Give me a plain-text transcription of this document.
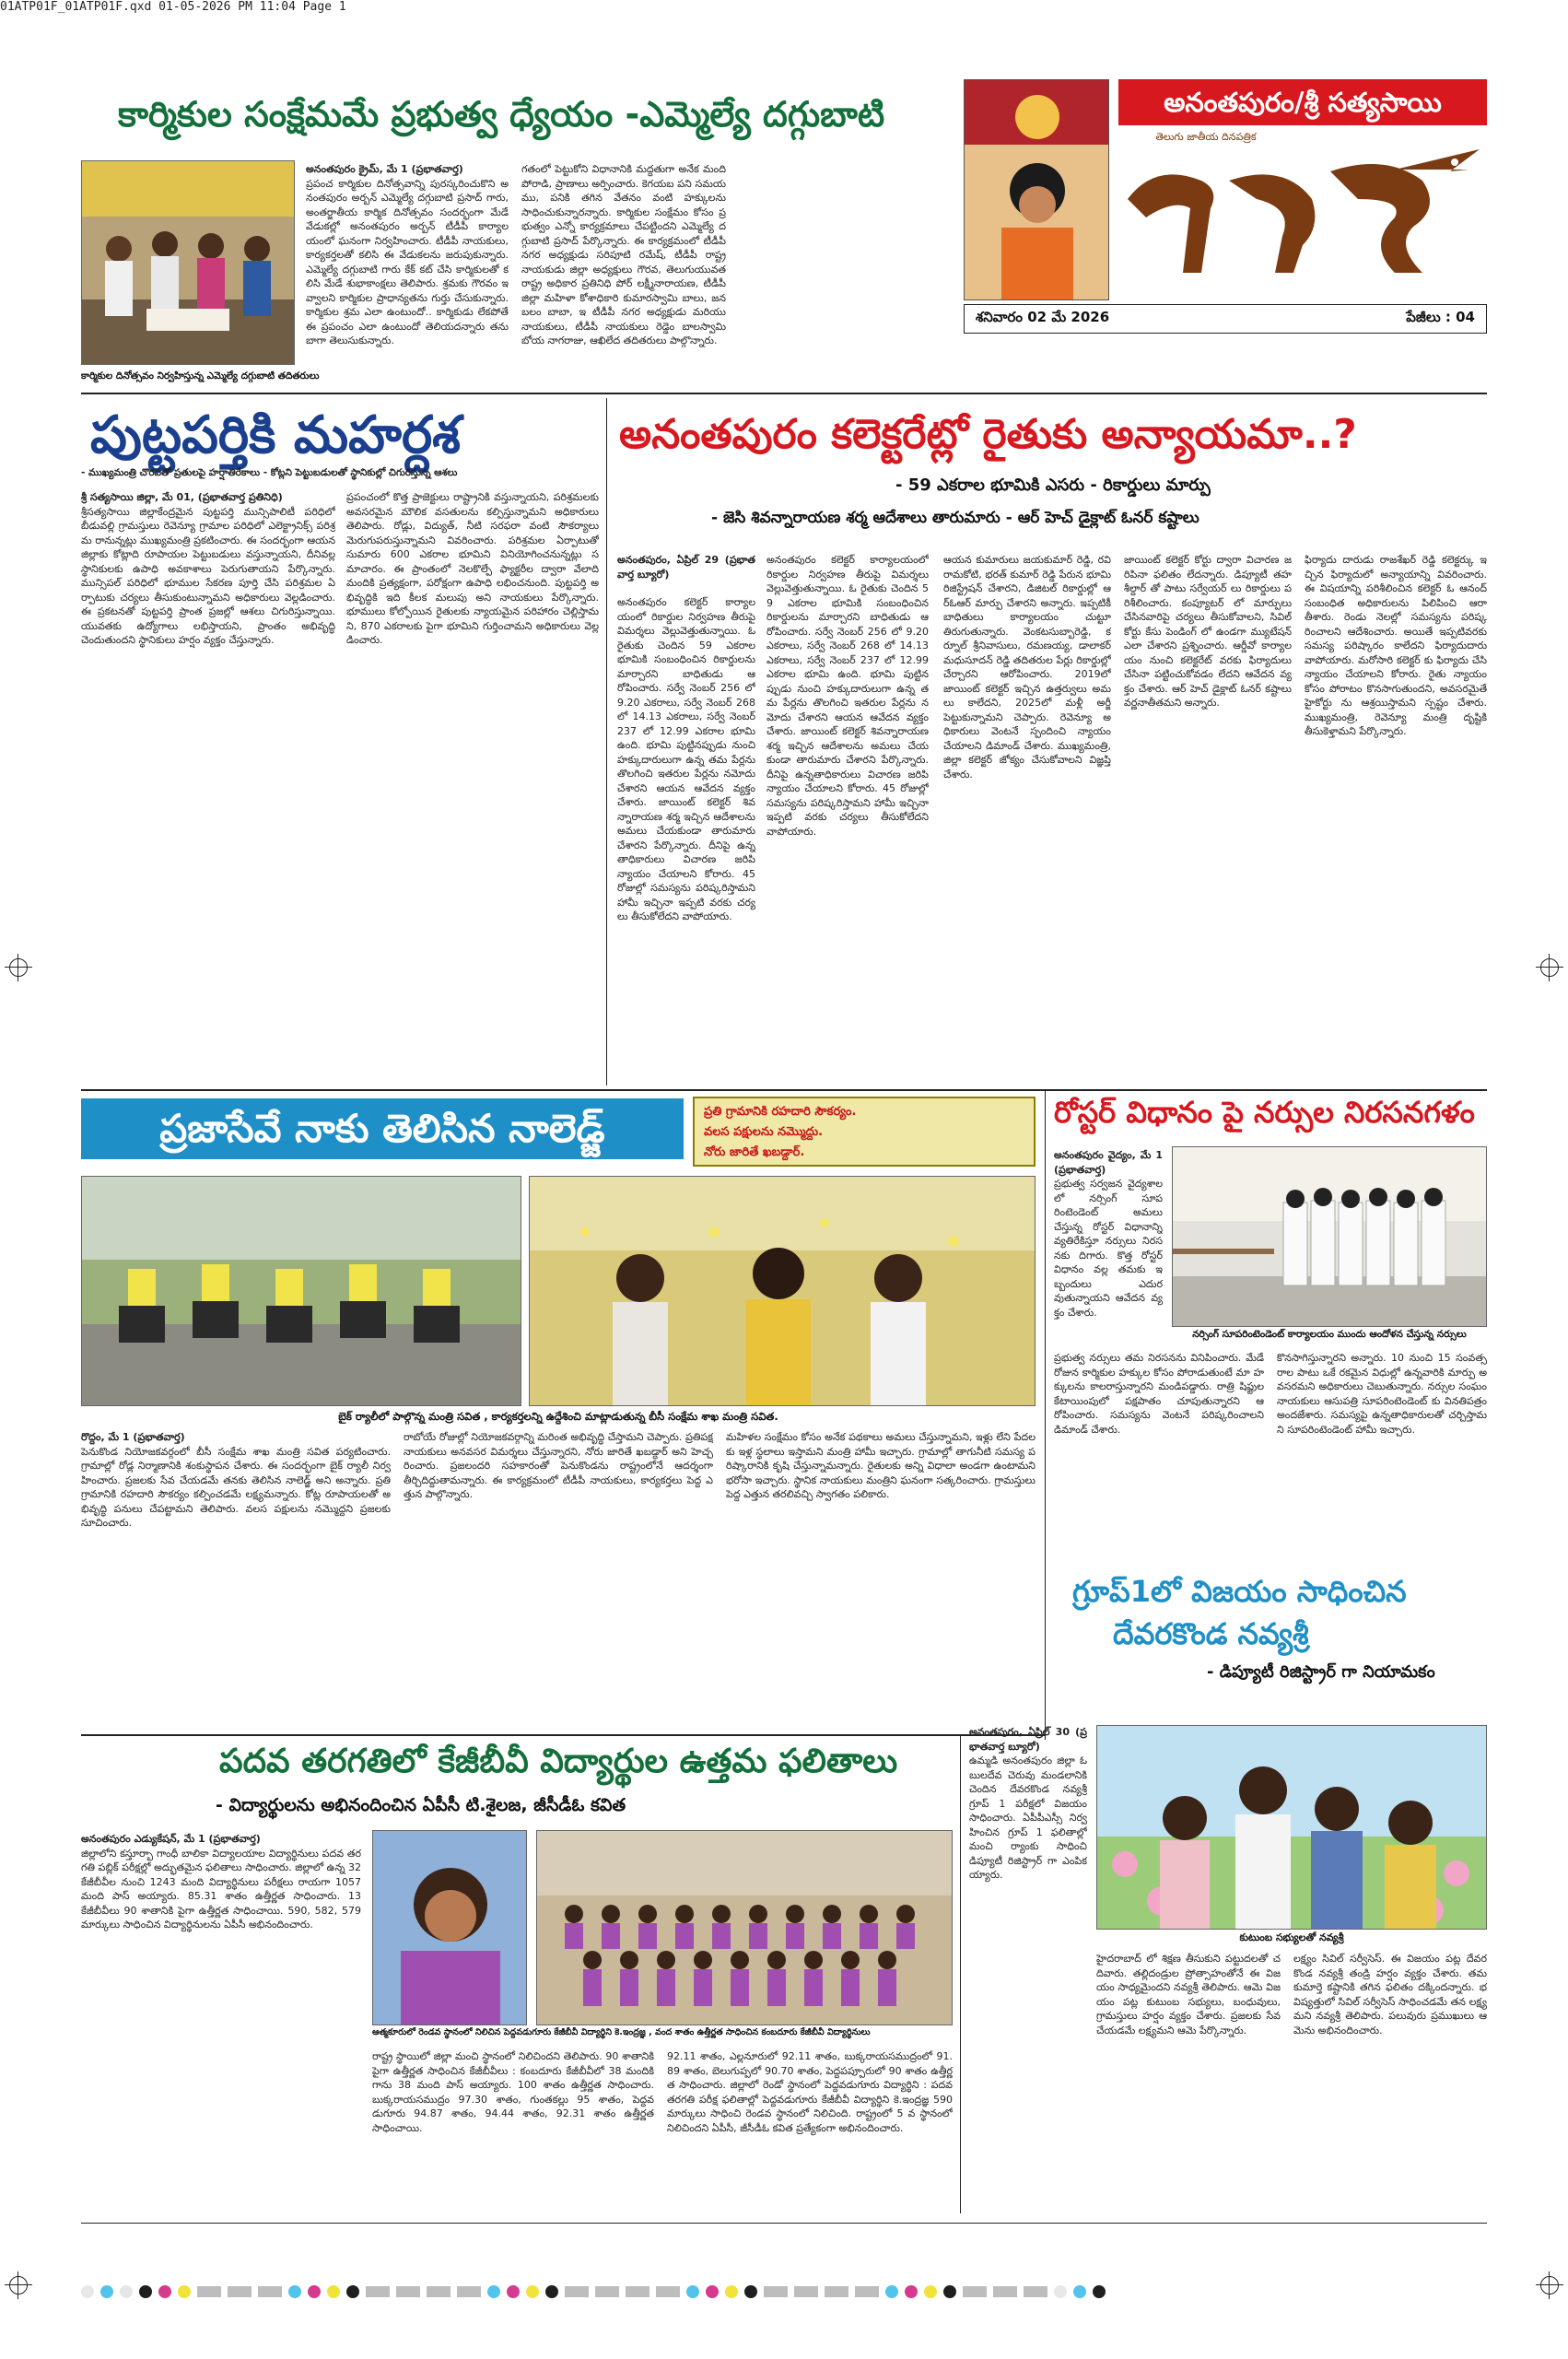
01ATP01F_01ATP01F.qxd 01-05-2026 PM 11:04 Page 1
కార్మికుల సంక్షేమమే ప్రభుత్వ ధ్యేయం -ఎమ్మెల్యే దగ్గుబాటి
కార్మికుల దినోత్సవం నిర్వహిస్తున్న ఎమ్మెల్యే దగ్గుబాటి తదితరులు
అనంతపురం క్రైమ్, మే 1 (ప్రభాతవార్త)
ప్రపంచ కార్మికుల దినోత్సవాన్ని పురస్కరించుకొని అనంతపురం అర్బన్ ఎమ్మెల్యే దగ్గుబాటి ప్రసాద్ గారు, అంతర్జాతీయ కార్మిక దినోత్సవం సందర్భంగా మేడే వేడుకల్లో అనంతపురం అర్బన్ టీడీపీ కార్యాలయంలో ఘనంగా నిర్వహించారు. టీడీపీ నాయకులు, కార్యకర్తలతో కలిసి ఈ వేడుకలను జరుపుకున్నారు. ఎమ్మెల్యే దగ్గుబాటి గారు కేక్ కట్ చేసి కార్మికులతో కలిసి మేడే శుభాకాంక్షలు తెలిపారు. శ్రమకు గౌరవం ఇవ్వాలని కార్మికుల ప్రాధాన్యతను గుర్తు చేసుకున్నారు. కార్మికుల శ్రమ ఎలా ఉంటుందో.. కార్మికుడు లేకపోతే ఈ ప్రపంచం ఎలా ఉంటుందో తెలియదన్నారు తను బాగా తెలుసుకున్నారు.
గతంలో పెట్టుకోని విధానానికి మద్దతుగా అనేక మంది పోరాడి, ప్రాణాలు అర్పించారు. కెగయబ పని సమయము, పనికి తగిన వేతనం వంటి హక్కులను సాధించుకున్నారన్నారు. కార్మికుల సంక్షేమం కోసం ప్రభుత్వం ఎన్నో కార్యక్రమాలు చేపట్టిందని ఎమ్మెల్యే దగ్గుబాటి ప్రసాద్ పేర్కొన్నారు. ఈ కార్యక్రమంలో టీడీపీ నగర అధ్యక్షుడు సరిపూటి రమేష్, టీడీపీ రాష్ట్ర నాయకుడు జిల్లా అధ్యక్షులు గౌరవ, తెలుగుయువత రాష్ట్ర అధికార ప్రతినిధి పోర్ లక్ష్మీనారాయణ, టీడీపీ జిల్లా మహిళా కోశాధికారి కుమారస్వామి బాలు, జనబలం బాబా, ఇ టీడీపీ నగర అధ్యక్షుడు మరియు నాయకులు, టీడీపీ నాయకులు రెడ్డెం బాలస్వామి బోయ నాగరాజు, ఆఖిలేద తదితరులు పాల్గొన్నారు.
అనంతపురం/శ్రీ సత్యసాయి
తెలుగు జాతీయ దినపత్రిక
శనివారం 02 మే 2026	పేజీలు : 04
పుట్టపర్తికి మహర్దశ
- ముఖ్యమంత్రి చొరవతో ప్రతులపై హర్షాతిరేకాలు - కోట్లని పెట్టుబడులతో స్థానికుల్లో చిగురిస్తున్న ఆశలు
శ్రీ సత్యసాయి జిల్లా, మే 01, (ప్రభాతవార్త ప్రతినిధి)
శ్రీసత్యసాయి జిల్లాకేంద్రమైన పుట్టపర్తి మున్సిపాలిటీ పరిధిలో బీడువల్లి గ్రామస్తులు రెవెన్యూ గ్రామాల పరిధిలో ఎలెక్ట్రానిక్స్ పరిశ్రమ రానున్నట్లు ముఖ్యమంత్రి ప్రకటించారు. ఈ సందర్భంగా ఆయన జిల్లాకు కోట్లాది రూపాయల పెట్టుబడులు వస్తున్నాయని, దీనివల్ల స్థానికులకు ఉపాధి అవకాశాలు పెరుగుతాయని పేర్కొన్నారు. మున్సిపల్ పరిధిలో భూముల సేకరణ పూర్తి చేసి పరిశ్రమల ఏర్పాటుకు చర్యలు తీసుకుంటున్నామని అధికారులు వెల్లడించారు. ఈ ప్రకటనతో పుట్టపర్తి ప్రాంత ప్రజల్లో ఆశలు చిగురిస్తున్నాయి. యువతకు ఉద్యోగాలు లభిస్తాయని, ప్రాంతం అభివృద్ధి చెందుతుందని స్థానికులు హర్షం వ్యక్తం చేస్తున్నారు.
ప్రపంచంలో కొత్త ప్రాజెక్టులు రాష్ట్రానికి వస్తున్నాయని, పరిశ్రమలకు అవసరమైన మౌలిక వసతులను కల్పిస్తున్నామని అధికారులు తెలిపారు. రోడ్లు, విద్యుత్, నీటి సరఫరా వంటి సౌకర్యాలు మెరుగుపరుస్తున్నామని వివరించారు. పరిశ్రమల ఏర్పాటుతో సుమారు 600 ఎకరాల భూమిని వినియోగించనున్నట్లు సమాచారం. ఈ ప్రాంతంలో నెలకొల్పే ఫ్యాక్టరీల ద్వారా వేలాది మందికి ప్రత్యక్షంగా, పరోక్షంగా ఉపాధి లభించనుంది. పుట్టపర్తి అభివృద్ధికి ఇది కీలక మలుపు అని నాయకులు పేర్కొన్నారు. భూములు కోల్పోయిన రైతులకు న్యాయమైన పరిహారం చెల్లిస్తామని, 870 ఎకరాలకు పైగా భూమిని గుర్తించామని అధికారులు వెల్లడించారు.
అనంతపురం కలెక్టరేట్లో రైతుకు అన్యాయమా..?
- 59 ఎకరాల భూమికి ఎసరు - రికార్డులు మార్పు
- జెసి శివన్నారాయణ శర్మ ఆదేశాలు తారుమారు - ఆర్ హెచ్ డైక్లాట్ ఓనర్ కష్టాలు
అనంతపురం, ఏప్రిల్ 29 (ప్రభాతవార్త బ్యూరో)
అనంతపురం కలెక్టర్ కార్యాలయంలో రికార్డుల నిర్వహణ తీరుపై విమర్శలు వెల్లువెత్తుతున్నాయి. ఓ రైతుకు చెందిన 59 ఎకరాల భూమికి సంబంధించిన రికార్డులను మార్చారని బాధితుడు ఆరోపించారు. సర్వే నెంబర్ 256 లో 9.20 ఎకరాలు, సర్వే నెంబర్ 268 లో 14.13 ఎకరాలు, సర్వే నెంబర్ 237 లో 12.99 ఎకరాల భూమి ఉంది. భూమి పుట్టినప్పుడు నుంచి హక్కుదారులుగా ఉన్న తమ పేర్లను తొలగించి ఇతరుల పేర్లను నమోదు చేశారని ఆయన ఆవేదన వ్యక్తం చేశారు. జాయింట్ కలెక్టర్ శివన్నారాయణ శర్మ ఇచ్చిన ఆదేశాలను అమలు చేయకుండా తారుమారు చేశారని పేర్కొన్నారు. దీనిపై ఉన్నతాధికారులు విచారణ జరిపి న్యాయం చేయాలని కోరారు. 45 రోజుల్లో సమస్యను పరిష్కరిస్తామని హామీ ఇచ్చినా ఇప్పటి వరకు చర్యలు తీసుకోలేదని వాపోయారు.
అనంతపురం కలెక్టర్ కార్యాలయంలో రికార్డుల నిర్వహణ తీరుపై విమర్శలు వెల్లువెత్తుతున్నాయి. ఓ రైతుకు చెందిన 59 ఎకరాల భూమికి సంబంధించిన రికార్డులను మార్చారని బాధితుడు ఆరోపించారు. సర్వే నెంబర్ 256 లో 9.20 ఎకరాలు, సర్వే నెంబర్ 268 లో 14.13 ఎకరాలు, సర్వే నెంబర్ 237 లో 12.99 ఎకరాల భూమి ఉంది. భూమి పుట్టినప్పుడు నుంచి హక్కుదారులుగా ఉన్న తమ పేర్లను తొలగించి ఇతరుల పేర్లను నమోదు చేశారని ఆయన ఆవేదన వ్యక్తం చేశారు. జాయింట్ కలెక్టర్ శివన్నారాయణ శర్మ ఇచ్చిన ఆదేశాలను అమలు చేయకుండా తారుమారు చేశారని పేర్కొన్నారు. దీనిపై ఉన్నతాధికారులు విచారణ జరిపి న్యాయం చేయాలని కోరారు. 45 రోజుల్లో సమస్యను పరిష్కరిస్తామని హామీ ఇచ్చినా ఇప్పటి వరకు చర్యలు తీసుకోలేదని వాపోయారు.
ఆయన కుమారులు జయకుమార్ రెడ్డి, రవి రామకోటి, భరత్ కుమార్ రెడ్డి పేరున భూమి రిజిస్ట్రేషన్ చేశారని, డిజిటల్ రికార్డుల్లో ఆర్ఓఆర్ మార్పు చేశారని అన్నారు. ఇప్పటికీ బాధితులు కార్యాలయం చుట్టూ తిరుగుతున్నారు. వెంకటసుబ్బారెడ్డి, కర్నూల్ శ్రీనివాసులు, రమణయ్య, డాలాకర్ మధుసూదన్ రెడ్డి తదితరుల పేర్లు రికార్డుల్లో చేర్చారని ఆరోపించారు. 2019లో జాయింట్ కలెక్టర్ ఇచ్చిన ఉత్తర్వులు అమలు కాలేదని, 2025లో మళ్లీ అర్జీ పెట్టుకున్నామని చెప్పారు. రెవెన్యూ అధికారులు వెంటనే స్పందించి న్యాయం చేయాలని డిమాండ్ చేశారు. ముఖ్యమంత్రి, జిల్లా కలెక్టర్ జోక్యం చేసుకోవాలని విజ్ఞప్తి చేశారు.
జాయింట్ కలెక్టర్ కోర్టు ద్వారా విచారణ జరిపినా ఫలితం లేదన్నారు. డిప్యూటీ తహశీల్దార్ తో పాటు సర్వేయర్ లు రికార్డులు పరిశీలించారు. కంప్యూటర్ లో మార్పులు చేసినవారిపై చర్యలు తీసుకోవాలని, సివిల్ కోర్టు కేసు పెండింగ్ లో ఉండగా మ్యుటేషన్ ఎలా చేశారని ప్రశ్నించారు. ఆర్డీవో కార్యాలయం నుంచి కలెక్టరేట్ వరకు ఫిర్యాదులు చేసినా పట్టించుకోవడం లేదని ఆవేదన వ్యక్తం చేశారు. ఆర్ హెచ్ డైక్లాట్ ఓనర్ కష్టాలు వర్ణనాతీతమని అన్నారు.
ఫిర్యాదు దారుడు రాజశేఖర్ రెడ్డి కలెక్టర్కు ఇచ్చిన ఫిర్యాదులో అన్యాయాన్ని వివరించారు. ఈ విషయాన్ని పరిశీలించిన కలెక్టర్ ఓ ఆనంద్ సంబంధిత అధికారులను పిలిపించి ఆరా తీశారు. రెండు నెలల్లో సమస్యను పరిష్కరించాలని ఆదేశించారు. అయితే ఇప్పటివరకు సమస్య పరిష్కారం కాలేదని ఫిర్యాదుదారు వాపోయారు. మరోసారి కలెక్టర్ కు ఫిర్యాదు చేసి న్యాయం చేయాలని కోరారు. రైతు న్యాయం కోసం పోరాటం కొనసాగుతుందని, అవసరమైతే హైకోర్టు ను ఆశ్రయిస్తామని స్పష్టం చేశారు. ముఖ్యమంత్రి, రెవెన్యూ మంత్రి దృష్టికి తీసుకెళ్తామని పేర్కొన్నారు.
ప్రజాసేవే నాకు తెలిసిన నాలెడ్జ్	ప్రతి గ్రామానికి రహదారి సౌకర్యం.
వలస పక్షులను నమ్మొద్దు.
నోరు జారితే ఖబడ్దార్.
బైక్ ర్యాలీలో పాల్గొన్న మంత్రి సవిత , కార్యకర్తలన్ని ఉద్దేశించి మాట్లాడుతున్న బీసీ సంక్షేమ శాఖ మంత్రి సవిత.
రొద్దం, మే 1 (ప్రభాతవార్త)
పెనుకొండ నియోజకవర్గంలో బీసీ సంక్షేమ శాఖ మంత్రి సవిత పర్యటించారు. గ్రామాల్లో రోడ్ల నిర్మాణానికి శంకుస్థాపన చేశారు. ఈ సందర్భంగా బైక్ ర్యాలీ నిర్వహించారు. ప్రజలకు సేవ చేయడమే తనకు తెలిసిన నాలెడ్జ్ అని అన్నారు. ప్రతి గ్రామానికి రహదారి సౌకర్యం కల్పించడమే లక్ష్యమన్నారు. కోట్ల రూపాయలతో అభివృద్ధి పనులు చేపట్టామని తెలిపారు. వలస పక్షులను నమ్మొద్దని ప్రజలకు సూచించారు.
రాబోయే రోజుల్లో నియోజకవర్గాన్ని మరింత అభివృద్ధి చేస్తామని చెప్పారు. ప్రతిపక్ష నాయకులు అనవసర విమర్శలు చేస్తున్నారని, నోరు జారితే ఖబడ్దార్ అని హెచ్చరించారు. ప్రజలందరి సహకారంతో పెనుకొండను రాష్ట్రంలోనే ఆదర్శంగా తీర్చిదిద్దుతామన్నారు. ఈ కార్యక్రమంలో టీడీపీ నాయకులు, కార్యకర్తలు పెద్ద ఎత్తున పాల్గొన్నారు.
మహిళల సంక్షేమం కోసం అనేక పథకాలు అమలు చేస్తున్నామని, ఇళ్లు లేని పేదలకు ఇళ్ల స్థలాలు ఇస్తామని మంత్రి హామీ ఇచ్చారు. గ్రామాల్లో తాగునీటి సమస్య పరిష్కారానికి కృషి చేస్తున్నామన్నారు. రైతులకు అన్ని విధాలా అండగా ఉంటామని భరోసా ఇచ్చారు. స్థానిక నాయకులు మంత్రిని ఘనంగా సత్కరించారు. గ్రామస్తులు పెద్ద ఎత్తున తరలివచ్చి స్వాగతం పలికారు.
రోస్టర్ విధానం పై నర్సుల నిరసనగళం
అనంతపురం వైద్యం, మే 1 (ప్రభాతవార్త)
ప్రభుత్వ సర్వజన వైద్యశాలలో నర్సింగ్ సూపరింటెండెంట్ అమలు చేస్తున్న రోస్టర్ విధానాన్ని వ్యతిరేకిస్తూ నర్సులు నిరసనకు దిగారు. కొత్త రోస్టర్ విధానం వల్ల తమకు ఇబ్బందులు ఎదురవుతున్నాయని ఆవేదన వ్యక్తం చేశారు.
నర్సింగ్ సూపరింటెండెంట్ కార్యాలయం ముందు ఆందోళన చేస్తున్న నర్సులు
ప్రభుత్వ నర్సులు తమ నిరసనను వినిపించారు. మేడే రోజున కార్మికుల హక్కుల కోసం పోరాడుతుంటే మా హక్కులను కాలరాస్తున్నారని మండిపడ్డారు. రాత్రి షిఫ్టుల కేటాయింపులో పక్షపాతం చూపుతున్నారని ఆరోపించారు. సమస్యను వెంటనే పరిష్కరించాలని డిమాండ్ చేశారు.
కొనసాగిస్తున్నారని అన్నారు. 10 నుంచి 15 సంవత్సరాల పాటు ఒకే రకమైన విధుల్లో ఉన్నవారికి మార్పు అవసరమని అధికారులు చెబుతున్నారు. నర్సుల సంఘం నాయకులు ఆసుపత్రి సూపరింటెండెంట్ కు వినతిపత్రం అందజేశారు. సమస్యపై ఉన్నతాధికారులతో చర్చిస్తామని సూపరింటెండెంట్ హామీ ఇచ్చారు.
గ్రూప్1లో విజయం సాధించిన
దేవరకొండ నవ్యశ్రీ
- డిప్యూటీ రిజిస్ట్రార్ గా నియామకం
అనంతపురం, ఏప్రిల్ 30 (ప్రభాతవార్త బ్యూరో)
ఉమ్మడి అనంతపురం జిల్లా ఓబులదేవ చెరువు మండలానికి చెందిన దేవరకొండ నవ్యశ్రీ గ్రూప్ 1 పరీక్షలో విజయం సాధించారు. ఏపీపీఎస్సీ నిర్వహించిన గ్రూప్ 1 ఫలితాల్లో మంచి ర్యాంకు సాధించి డిప్యూటీ రిజిస్ట్రార్ గా ఎంపికయ్యారు.
కుటుంబ సభ్యులతో నవ్యశ్రీ
హైదరాబాద్ లో శిక్షణ తీసుకుని పట్టుదలతో చదివారు. తల్లిదండ్రుల ప్రోత్సాహంతోనే ఈ విజయం సాధ్యమైందని నవ్యశ్రీ తెలిపారు. ఆమె విజయం పట్ల కుటుంబ సభ్యులు, బంధువులు, గ్రామస్తులు హర్షం వ్యక్తం చేశారు. ప్రజలకు సేవ చేయడమే లక్ష్యమని ఆమె పేర్కొన్నారు.
లక్ష్యం సివిల్ సర్వీసెస్. ఈ విజయం పట్ల దేవరకొండ నవ్యశ్రీ తండ్రి హర్షం వ్యక్తం చేశారు. తమ కుమార్తె కష్టానికి తగిన ఫలితం దక్కిందన్నారు. భవిష్యత్తులో సివిల్ సర్వీసెస్ సాధించడమే తన లక్ష్యమని నవ్యశ్రీ తెలిపారు. పలువురు ప్రముఖులు ఆమెను అభినందించారు.
పదవ తరగతిలో కేజీబీవీ విద్యార్థుల ఉత్తమ ఫలితాలు
- విద్యార్థులను అభినందించిన ఏపీసీ టి.శైలజ, జీసీడీఓ కవిత
అనంతపురం ఎడ్యుకేషన్, మే 1 (ప్రభాతవార్త)
జిల్లాలోని కస్తూర్బా గాంధీ బాలికా విద్యాలయాల విద్యార్థినులు పదవ తరగతి పబ్లిక్ పరీక్షల్లో అద్భుతమైన ఫలితాలు సాధించారు. జిల్లాలో ఉన్న 32 కేజీబీవీల నుంచి 1243 మంది విద్యార్థినులు పరీక్షలు రాయగా 1057 మంది పాస్ అయ్యారు. 85.31 శాతం ఉత్తీర్ణత సాధించారు. 13 కేజీబీవీలు 90 శాతానికి పైగా ఉత్తీర్ణత సాధించాయి. 590, 582, 579 మార్కులు సాధించిన విద్యార్థినులను ఏపీసీ అభినందించారు.
ఆత్మకూరులో రెండవ స్థానంలో నిలిచిన పెద్దవడుగూరు కేజీబీవీ విద్యార్థిని కె.ఇంద్రజ్ఞ , వంద శాతం ఉత్తీర్ణత సాధించిన కంబదూరు కేజీబీవీ విద్యార్థినులు
రాష్ట్ర స్థాయిలో జిల్లా మంచి స్థానంలో నిలిచిందని తెలిపారు. 90 శాతానికి పైగా ఉత్తీర్ణత సాధించిన కేజీబీవీలు : కంబదూరు కేజీబీవీలో 38 మందికి గాను 38 మంది పాస్ అయ్యారు. 100 శాతం ఉత్తీర్ణత సాధించారు. బుక్కరాయసముద్రం 97.30 శాతం, గుంతకల్లు 95 శాతం, పెద్దవడుగూరు 94.87 శాతం, 94.44 శాతం, 92.31 శాతం ఉత్తీర్ణత సాధించాయి.
92.11 శాతం, ఎల్లనూరులో 92.11 శాతం, బుక్కరాయసముద్రంలో 91.89 శాతం, బెలుగుప్పలో 90.70 శాతం, పెద్దపప్పూరులో 90 శాతం ఉత్తీర్ణత సాధించారు. జిల్లాలో రెండో స్థానంలో పెద్దవడుగూరు విద్యార్థిని : పదవ తరగతి పరీక్ష ఫలితాల్లో పెద్దవడుగూరు కేజీబీవీ విద్యార్థిని కె.ఇంద్రజ్ఞ 590 మార్కులు సాధించి రెండవ స్థానంలో నిలిచింది. రాష్ట్రంలో 5 వ స్థానంలో నిలిచిందని ఏపీసీ, జీసీడీఓ కవిత ప్రత్యేకంగా అభినందించారు.
